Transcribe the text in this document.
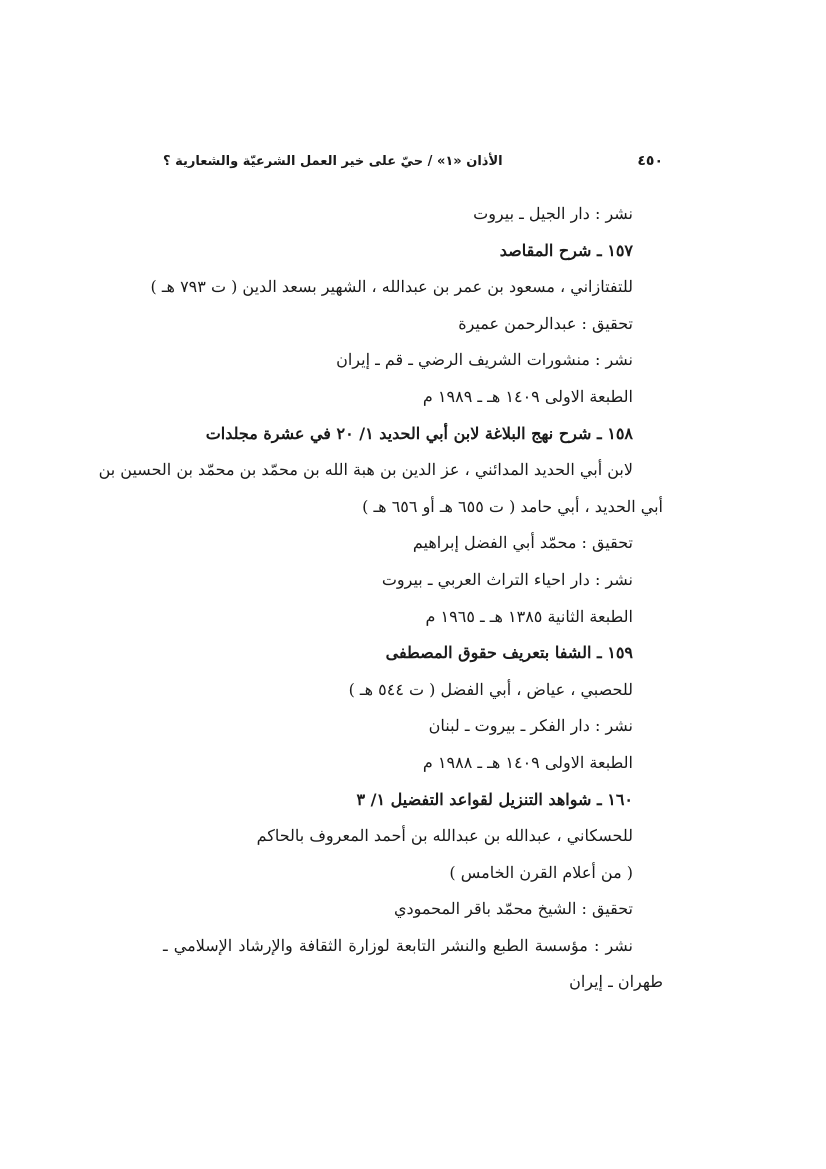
٤٥٠
الأذان «١» / حيّ على خير العمل الشرعيّة والشعارية ؟
نشر : دار الجيل ـ بيروت
١٥٧ ـ شرح المقاصد
للتفتازاني ، مسعود بن عمر بن عبدالله ، الشهير بسعد الدين ( ت ٧٩٣ هـ )
تحقيق : عبدالرحمن عميرة
نشر : منشورات الشريف الرضي ـ قم ـ إيران
الطبعة الاولى ١٤٠٩ هـ ـ ١٩٨٩ م
١٥٨ ـ شرح نهج البلاغة لابن أبي الحديد ١/ ٢٠ في عشرة مجلدات
لابن أبي الحديد المدائني ، عز الدين بن هبة الله بن محمّد بن محمّد بن الحسين بن
أبي الحديد ، أبي حامد ( ت ٦٥٥ هـ أو ٦٥٦ هـ )
تحقيق : محمّد أبي الفضل إبراهيم
نشر : دار احياء التراث العربي ـ بيروت
الطبعة الثانية ١٣٨٥ هـ ـ ١٩٦٥ م
١٥٩ ـ الشفا بتعريف حقوق المصطفى
للحصبي ، عياض ، أبي الفضل ( ت ٥٤٤ هـ )
نشر : دار الفكر ـ بيروت ـ لبنان
الطبعة الاولى ١٤٠٩ هـ ـ ١٩٨٨ م
١٦٠ ـ شواهد التنزيل لقواعد التفضيل ١/ ٣
للحسكاني ، عبدالله بن عبدالله بن أحمد المعروف بالحاكم
( من أعلام القرن الخامس )
تحقيق : الشيخ محمّد باقر المحمودي
نشر : مؤسسة الطبع والنشر التابعة لوزارة الثقافة والإرشاد الإسلامي ـ
طهران ـ إيران
